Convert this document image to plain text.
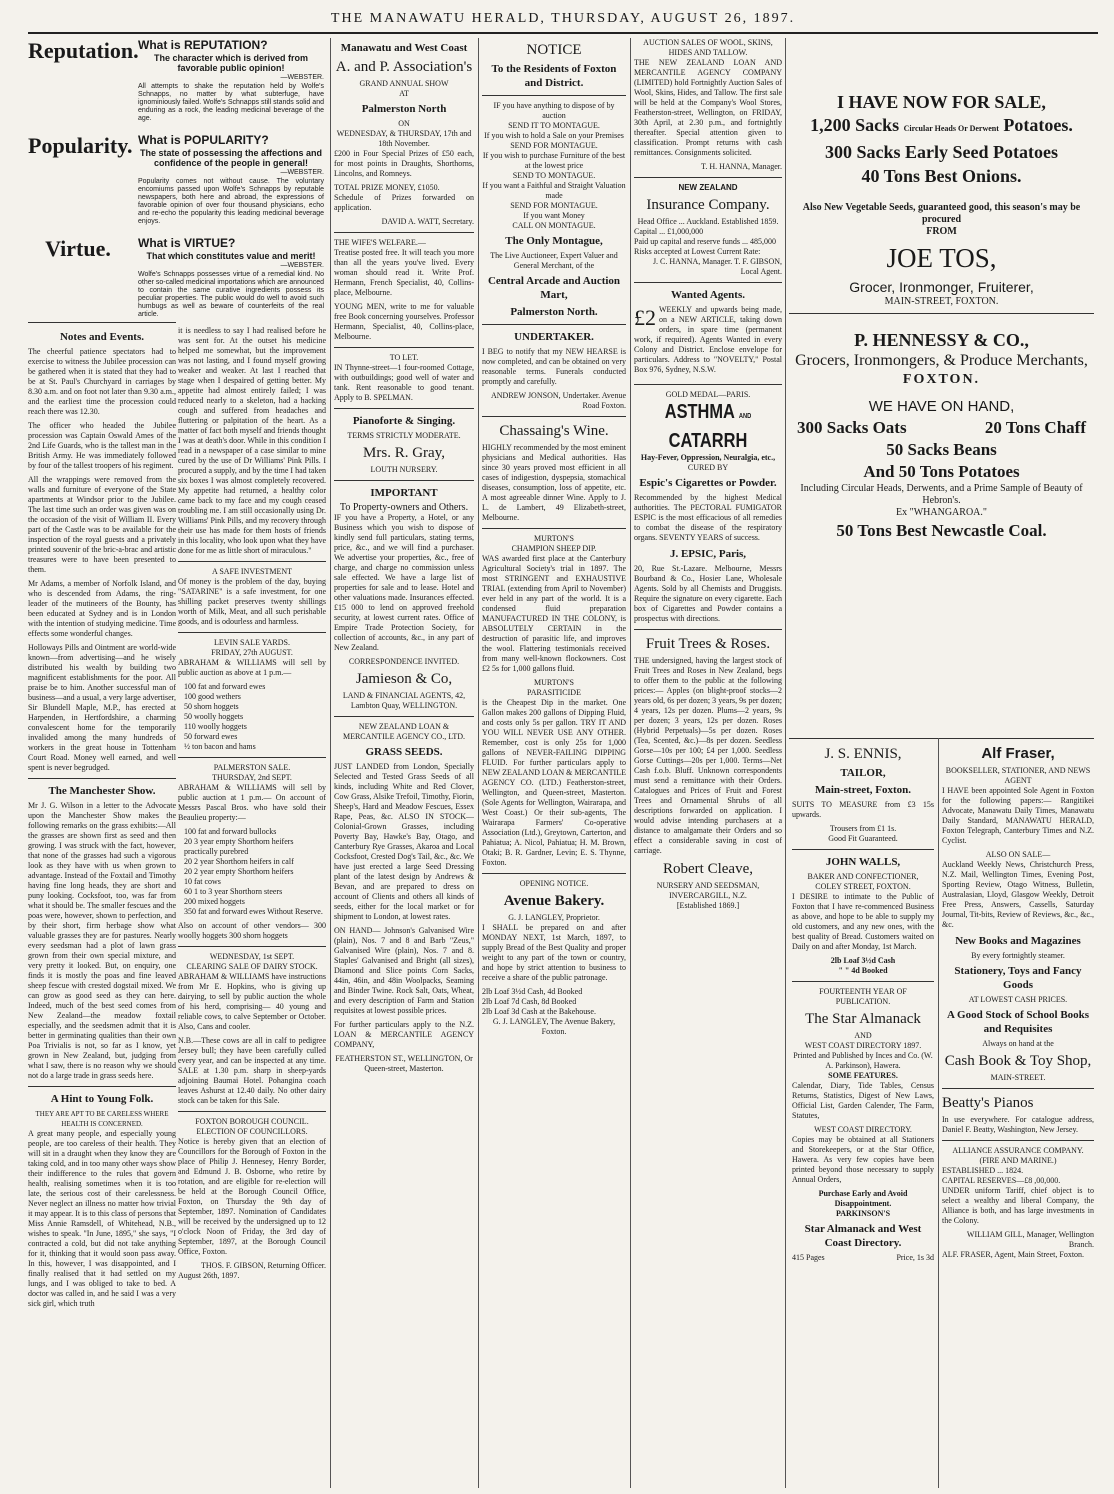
THE MANAWATU HERALD, THURSDAY, AUGUST 26, 1897.
Reputation. What is REPUTATION?
The character which is derived from favorable public opinion!
—WEBSTER.

All attempts to shake the reputation held by Wolfe's Schnapps, no matter by what subterfuge, have ignominiously failed. Wolfe's Schnapps still stands solid and enduring as a rock, the leading medicinal beverage of the age.

Popularity. What is POPULARITY?
The state of possessing the affections and confidence of the people in general!
—WEBSTER.

Popularity comes not without cause. The voluntary encomiums passed upon Wolfe's Schnapps by reputable newspapers, both here and abroad, the expressions of favorable opinion of over four thousand physicians, echo and re-echo the popularity this leading medicinal beverage enjoys.

Virtue.	What is VIRTUE?
That which constitutes value and merit!
—WEBSTER.

Wolfe's Schnapps possesses virtue of a remedial kind. No other so-called medicinal importations which are announced to contain the same curative ingredients possess its peculiar properties. The public would do well to avoid such humbugs as well as beware of counterfeits of the real article.

Notes and Events.

The cheerful patience spectators had to exercise to witness the Jubilee procession can be gathered when it is stated that they had to be at St. Paul's Churchyard in carriages by 8.30 a.m. and on foot not later than 9.30 a.m., and the earliest time the procession could reach there was 12.30.

The officer who headed the Jubilee procession was Captain Oswald Ames of the 2nd Life Guards, who is the tallest man in the British Army. He was immediately followed by four of the tallest troopers of his regiment.

All the wrappings were removed from the walls and furniture of everyone of the State apartments at Windsor prior to the Jubilee. The last time such an order was given was on the occasion of the visit of William II. Every part of the Castle was to be available for the inspection of the royal guests and a privately printed souvenir of the bric-a-brac and artistic treasures were to have been presented to them.

Mr Adams, a member of Norfolk Island, and who is descended from Adams, the ring-leader of the mutineers of the Bounty, has been educated at Sydney and is in London with the intention of studying medicine. Time effects some wonderful changes.

Holloways Pills and Ointment are world-wide known—from advertising—and he wisely distributed his wealth by building two magnificent establishments for the poor. All praise be to him. Another successful man of business—and a usual, a very large advertiser, Sir Blundell Maple, M.P., has erected at Harpenden, in Hertfordshire, a charming convalescent home for the temporarily invalided among the many hundreds of workers in the great house in Tottenham Court Road. Money well earned, and well spent is never begrudged.

The Manchester Show.

Mr J. G. Wilson in a letter to the Advocate upon the Manchester Show makes the following remarks on the grass exhibits:—All the grasses are shown first as seed and then growing. I was struck with the fact, however, that none of the grasses had such a vigorous look as they have with us when grown to advantage. Instead of the Foxtail and Timothy having fine long heads, they are short and puny looking. Cocksfoot, too, was far from what it should be. The smaller fescues and the poas were, however, shown to perfection, and by their short, firm herbage show what valuable grasses they are for pastures. Nearly every seedsman had a plot of lawn grass grown from their own special mixture, and very pretty it looked. But, on enquiry, one finds it is mostly the poas and fine leaved sheep fescue with crested dogstail mixed. We can grow as good seed as they can here. Indeed, much of the best seed comes from New Zealand—the meadow foxtail especially, and the seedsmen admit that it is better in germinating qualities than their own Poa Trivialis is not, so far as I know, yet grown in New Zealand, but, judging from what I saw, there is no reason why we should not do a large trade in grass seeds here.

A Hint to Young Folk.
THEY ARE APT TO BE CARELESS WHERE HEALTH IS CONCERNED.

A great many people, and especially young people, are too careless of their health. They will sit in a draught when they know they are taking cold, and in too many other ways show their indifference to the rules that govern health, realising sometimes when it is too late, the serious cost of their carelessness. Never neglect an illness no matter how trivial it may appear. It is to this class of persons that Miss Annie Ramsdell, of Whitehead, N.B., wishes to speak. "In June, 1895," she says, "I contracted a cold, but did not take anything for it, thinking that it would soon pass away. In this, however, I was disappointed, and I finally realised that it had settled on my lungs, and I was obliged to take to bed. A doctor was called in, and he said I was a very sick girl, which truth

it is needless to say I had realised before he was sent for. At the outset his medicine helped me somewhat, but the improvement was not lasting, and I found myself growing weaker and weaker. At last I reached that stage when I despaired of getting better. My appetite had almost entirely failed; I was reduced nearly to a skeleton, had a hacking cough and suffered from headaches and fluttering or palpitation of the heart. As a matter of fact both myself and friends thought I was at death's door. While in this condition I read in a newspaper of a case similar to mine cured by the use of Dr Williams' Pink Pills. I procured a supply, and by the time I had taken six boxes I was almost completely recovered. My appetite had returned, a healthy color came back to my face and my cough ceased troubling me. I am still occasionally using Dr. Williams' Pink Pills, and my recovery through their use has made for them hosts of friends in this locality, who look upon what they have done for me as little short of miraculous."

A SAFE INVESTMENT

Of money is the problem of the day, buying "SATARINE" is a safe investment, for one shilling packet preserves twenty shillings worth of Milk, Meat, and all such perishable goods, and is odourless and harmless.

LEVIN SALE YARDS.
FRIDAY, 27th AUGUST.

ABRAHAM & WILLIAMS will sell by public auction as above at 1 p.m.—

100 fat and forward ewes
100 good wethers
50 shorn hoggets
50 woolly hoggets
110 woolly hoggets
50 forward ewes
½ ton bacon and hams
PALMERSTON SALE.
THURSDAY, 2nd SEPT.

ABRAHAM & WILLIAMS will sell by public auction at 1 p.m.— On account of Messrs Pascal Bros. who have sold their Beaulieu property:—

100 fat and forward bullocks
20 3 year empty Shorthorn heifers practically purebred
20 2 year Shorthorn heifers in calf
20 2 year empty Shorthorn heifers
10 fat cows
60 1 to 3 year Shorthorn steers
200 mixed hoggets
350 fat and forward ewes Without Reserve.

Also on account of other vendors— 300 woolly hoggets 300 shorn hoggets

WEDNESDAY, 1st SEPT.
CLEARING SALE OF DAIRY STOCK.

ABRAHAM & WILLIAMS have instructions from Mr E. Hopkins, who is giving up dairying, to sell by public auction the whole of his herd, comprising— 40 young and reliable cows, to calve September or October. Also, Cans and cooler.

N.B.—These cows are all in calf to pedigree Jersey bull; they have been carefully culled every year, and can be inspected at any time. SALE at 1.30 p.m. sharp in sheep-yards adjoining Baumai Hotel. Pohangina coach leaves Ashurst at 12.40 daily. No other dairy stock can be taken for this Sale.

FOXTON BOROUGH COUNCIL.
ELECTION OF COUNCILLORS.

Notice is hereby given that an election of Councillors for the Borough of Foxton in the place of Philip J. Hennesey, Henry Border, and Edmund J. B. Osborne, who retire by rotation, and are eligible for re-election will be held at the Borough Council Office, Foxton, on Thursday the 9th day of September, 1897. Nomination of Candidates will be received by the undersigned up to 12 o'clock Noon of Friday, the 3rd day of September, 1897, at the Borough Council Office, Foxton.

THOS. F. GIBSON, Returning Officer.
August 26th, 1897.
Manawatu and West Coast
A. and P. Association's
GRAND ANNUAL SHOW
AT
Palmerston North
ON
WEDNESDAY, & THURSDAY, 17th and 18th November.

£200 in Four Special Prizes of £50 each, for most points in Draughts, Shorthorns, Lincolns, and Romneys.

TOTAL PRIZE MONEY, £1050.

Schedule of Prizes forwarded on application.

DAVID A. WATT, Secretary.
THE WIFE'S WELFARE.—

Treatise posted free. It will teach you more than all the years you've lived. Every woman should read it. Write Prof. Hermann, French Specialist, 40, Collins-place, Melbourne.

YOUNG MEN, write to me for valuable free Book concerning yourselves. Professor Hermann, Specialist, 40, Collins-place, Melbourne.

TO LET.

IN Thynne-street—1 four-roomed Cottage, with outbuildings; good well of water and tank. Rent reasonable to good tenant. Apply to B. SPELMAN.

Pianoforte & Singing.
TERMS STRICTLY MODERATE.
Mrs. R. Gray,
LOUTH NURSERY.
IMPORTANT
To Property-owners and Others.

IF you have a Property, a Hotel, or any Business which you wish to dispose of kindly send full particulars, stating terms, price, &c., and we will find a purchaser. We advertise your properties, &c., free of charge, and charge no commission unless sale effected. We have a large list of properties for sale and to lease. Hotel and other valuations made. Insurances effected. £15 000 to lend on approved freehold security, at lowest current rates. Office of Empire Trade Protection Society, for collection of accounts, &c., in any part of New Zealand.

CORRESPONDENCE INVITED.
Jamieson & Co,
LAND & FINANCIAL AGENTS, 42, Lambton Quay, WELLINGTON.
NEW ZEALAND LOAN & MERCANTILE AGENCY CO., LTD.
GRASS SEEDS.

JUST LANDED from London, Specially Selected and Tested Grass Seeds of all kinds, including White and Red Clover, Cow Grass, Alsike Trefoil, Timothy, Fiorin, Sheep's, Hard and Meadow Fescues, Essex Rape, Peas, &c. ALSO IN STOCK—Colonial-Grown Grasses, including Poverty Bay, Hawke's Bay, Otago, and Canterbury Rye Grasses, Akaroa and Local Cocksfoot, Crested Dog's Tail, &c., &c. We have just erected a large Seed Dressing plant of the latest design by Andrews & Bevan, and are prepared to dress on account of Clients and others all kinds of seeds, either for the local market or for shipment to London, at lowest rates.

ON HAND— Johnson's Galvanised Wire (plain), Nos. 7 and 8 and Barb "Zeus," Galvanised Wire (plain), Nos. 7 and 8. Staples' Galvanised and Bright (all sizes), Diamond and Slice points Corn Sacks, 44in, 46in, and 48in Woolpacks, Seaming and Binder Twine. Rock Salt, Oats, Wheat, and every description of Farm and Station requisites at lowest possible prices.

For further particulars apply to the N.Z. LOAN & MERCANTILE AGENCY COMPANY,

FEATHERSTON ST., WELLINGTON, Or Queen-street, Masterton.
NOTICE
To the Residents of Foxton and District.
IF you have anything to dispose of by auction
SEND IT TO MONTAGUE.
If you wish to hold a Sale on your Premises
SEND FOR MONTAGUE.
If you wish to purchase Furniture of the best at the lowest price
SEND TO MONTAGUE.
If you want a Faithful and Straight Valuation made
SEND FOR MONTAGUE.
If you want Money
CALL ON MONTAGUE.
The Only Montague,
The Live Auctioneer, Expert Valuer and General Merchant, of the
Central Arcade and Auction Mart,
Palmerston North.
UNDERTAKER.

I BEG to notify that my NEW HEARSE is now completed, and can be obtained on very reasonable terms. Funerals conducted promptly and carefully.

ANDREW JONSON, Undertaker. Avenue Road Foxton.
Chassaing's Wine.

HIGHLY recommended by the most eminent physicians and Medical authorities. Has since 30 years proved most efficient in all cases of indigestion, dyspepsia, stomachical diseases, consumption, loss of appetite, etc. A most agreeable dinner Wine. Apply to J. L. de Lambert, 49 Elizabeth-street, Melbourne.

MURTON'S
CHAMPION SHEEP DIP.

WAS awarded first place at the Canterbury Agricultural Society's trial in 1897. The most STRINGENT and EXHAUSTIVE TRIAL (extending from April to November) ever held in any part of the world. It is a condensed fluid preparation MANUFACTURED IN THE COLONY, is ABSOLUTELY CERTAIN in the destruction of parasitic life, and improves the wool. Flattering testimonials received from many well-known flockowners. Cost £2 5s for 1,000 gallons fluid.

MURTON'S
PARASITICIDE

is the Cheapest Dip in the market. One Gallon makes 200 gallons of Dipping Fluid, and costs only 5s per gallon. TRY IT AND YOU WILL NEVER USE ANY OTHER. Remember, cost is only 25s for 1,000 gallons of NEVER-FAILING DIPPING FLUID. For further particulars apply to NEW ZEALAND LOAN & MERCANTILE AGENCY CO. (LTD.) Featherston-street, Wellington, and Queen-street, Masterton. (Sole Agents for Wellington, Wairarapa, and West Coast.) Or their sub-agents, The Wairarapa Farmers' Co-operative Association (Ltd.), Greytown, Carterton, and Pahiatua; A. Nicol, Pahiatua; H. M. Brown, Otaki; B. R. Gardner, Levin; E. S. Thynne, Foxton.

OPENING NOTICE.
Avenue Bakery.
G. J. LANGLEY, Proprietor.

I SHALL be prepared on and after MONDAY NEXT, 1st March, 1897, to supply Bread of the Best Quality and proper weight to any part of the town or country, and hope by strict attention to business to receive a share of the public patronage.

2lb Loaf 3½d Cash, 4d Booked
2lb Loaf 7d Cash, 8d Booked
2lb Loaf 3d Cash at the Bakehouse.
G. J. LANGLEY, The Avenue Bakery, Foxton.
AUCTION SALES OF WOOL, SKINS, HIDES AND TALLOW.

THE NEW ZEALAND LOAN AND MERCANTILE AGENCY COMPANY (LIMITED) hold Fortnightly Auction Sales of Wool, Skins, Hides, and Tallow. The first sale will be held at the Company's Wool Stores, Featherston-street, Wellington, on FRIDAY, 30th April, at 2.30 p.m., and fortnightly thereafter. Special attention given to classification. Prompt returns with cash remittances. Consignments solicited.

T. H. HANNA, Manager.
NEW ZEALAND
Insurance Company.
Head Office ... Auckland. Established 1859.
Capital ... £1,000,000
Paid up capital and reserve funds ... 485,000
Risks accepted at Lowest Current Rate:
J. C. HANNA, Manager. T. F. GIBSON, Local Agent.
Wanted Agents.
£2 WEEKLY and upwards being made, on a NEW ARTICLE, taking down orders, in spare time (permanent work, if required). Agents Wanted in every Colony and District. Enclose envelope for particulars. Address to "NOVELTY," Postal Box 976, Sydney, N.S.W.

GOLD MEDAL—PARIS.
ASTHMA AND CATARRH
Hay-Fever, Oppression, Neuralgia, etc.,
CURED BY
Espic's Cigarettes or Powder.

Recommended by the highest Medical authorities. The PECTORAL FUMIGATOR ESPIC is the most efficacious of all remedies to combat the disease of the respiratory organs. SEVENTY YEARS of success.

J. EPSIC, Paris,

20, Rue St.-Lazare. Melbourne, Messrs Bourband & Co., Hosier Lane, Wholesale Agents. Sold by all Chemists and Druggists. Require the signature on every cigarette. Each box of Cigarettes and Powder contains a prospectus with directions.

Fruit Trees & Roses.

THE undersigned, having the largest stock of Fruit Trees and Roses in New Zealand, begs to offer them to the public at the following prices:— Apples (on blight-proof stocks—2 years old, 6s per dozen; 3 years, 9s per dozen; 4 years, 12s per dozen. Plums—2 years, 9s per dozen; 3 years, 12s per dozen. Roses (Hybrid Perpetuals)—5s per dozen. Roses (Tea, Scented, &c.)—8s per dozen. Seedless Gorse—10s per 100; £4 per 1,000. Seedless Gorse Cuttings—20s per 1,000. Terms—Net Cash f.o.b. Bluff. Unknown correspondents must send a remittance with their Orders. Catalogues and Prices of Fruit and Forest Trees and Ornamental Shrubs of all descriptions forwarded on application. I would advise intending purchasers at a distance to amalgamate their Orders and so effect a considerable saving in cost of carriage.

Robert Cleave,
NURSERY AND SEEDSMAN, INVERCARGILL, N.Z.
[Established 1869.]
I HAVE NOW FOR SALE,
1,200 Sacks Circular Heads Or Derwent Potatoes.
300 Sacks Early Seed Potatoes
40 Tons Best Onions.
Also New Vegetable Seeds, guaranteed good, this season's may be procured
FROM
JOE TOS,
Grocer, Ironmonger, Fruiterer,
MAIN-STREET, FOXTON.
P. HENNESSY & CO.,
Grocers, Ironmongers, & Produce Merchants,
FOXTON.
WE HAVE ON HAND,
300 Sacks Oats	20 Tons Chaff
50 Sacks Beans
And 50 Tons Potatoes
Including Circular Heads, Derwents, and a Prime Sample of Beauty of Hebron's.
Ex "WHANGAROA."
50 Tons Best Newcastle Coal.
J. S. ENNIS,
TAILOR,
Main-street, Foxton.

SUITS TO MEASURE from £3 15s upwards.

Trousers from £1 1s.
Good Fit Guaranteed.
JOHN WALLS,
BAKER AND CONFECTIONER,
COLEY STREET, FOXTON.

I DESIRE to intimate to the Public of Foxton that I have re-commenced Business as above, and hope to be able to supply my old customers, and any new ones, with the best quality of Bread. Customers waited on Daily on and after Monday, 1st March.

2lb Loaf 3½d Cash
" " 4d Booked
FOURTEENTH YEAR OF PUBLICATION.
The Star Almanack
AND
WEST COAST DIRECTORY 1897.
Printed and Published by Inces and Co. (W. A. Parkinson), Hawera.
SOME FEATURES.

Calendar, Diary, Tide Tables, Census Returns, Statistics, Digest of New Laws, Official List, Garden Calender, The Farm, Statutes,

WEST COAST DIRECTORY.

Copies may be obtained at all Stationers and Storekeepers, or at the Star Office, Hawera. As very few copies have been printed beyond those necessary to supply Annual Orders,

Purchase Early and Avoid Disappointment.
PARKINSON'S
Star Almanack and West Coast Directory.
415 Pages	Price, 1s 3d
Alf Fraser,
BOOKSELLER, STATIONER, AND NEWS AGENT

I HAVE been appointed Sole Agent in Foxton for the following papers:— Rangitikei Advocate, Manawatu Daily Times, Manawatu Daily Standard, MANAWATU HERALD, Foxton Telegraph, Canterbury Times and N.Z. Cyclist.

ALSO ON SALE—

Auckland Weekly News, Christchurch Press, N.Z. Mail, Wellington Times, Evening Post, Sporting Review, Otago Witness, Bulletin, Australasian, Lloyd, Glasgow Weekly, Detroit Free Press, Answers, Cassells, Saturday Journal, Tit-bits, Review of Reviews, &c., &c., &c.

New Books and Magazines
By every fortnightly steamer.
Stationery, Toys and Fancy Goods
AT LOWEST CASH PRICES.
A Good Stock of School Books and Requisites
Always on hand at the
Cash Book & Toy Shop,
MAIN-STREET.
Beatty's Pianos

In use everywhere. For catalogue address, Daniel F. Beatty, Washington, New Jersey.

ALLIANCE ASSURANCE COMPANY.
(FIRE AND MARINE.)
ESTABLISHED ... 1824.
CAPITAL RESERVES—£8 ,00,000.

UNDER uniform Tariff, chief object is to select a wealthy and liberal Company, the Alliance is both, and has large investments in the Colony.

WILLIAM GILL, Manager, Wellington Branch.
ALF. FRASER, Agent, Main Street, Foxton.
